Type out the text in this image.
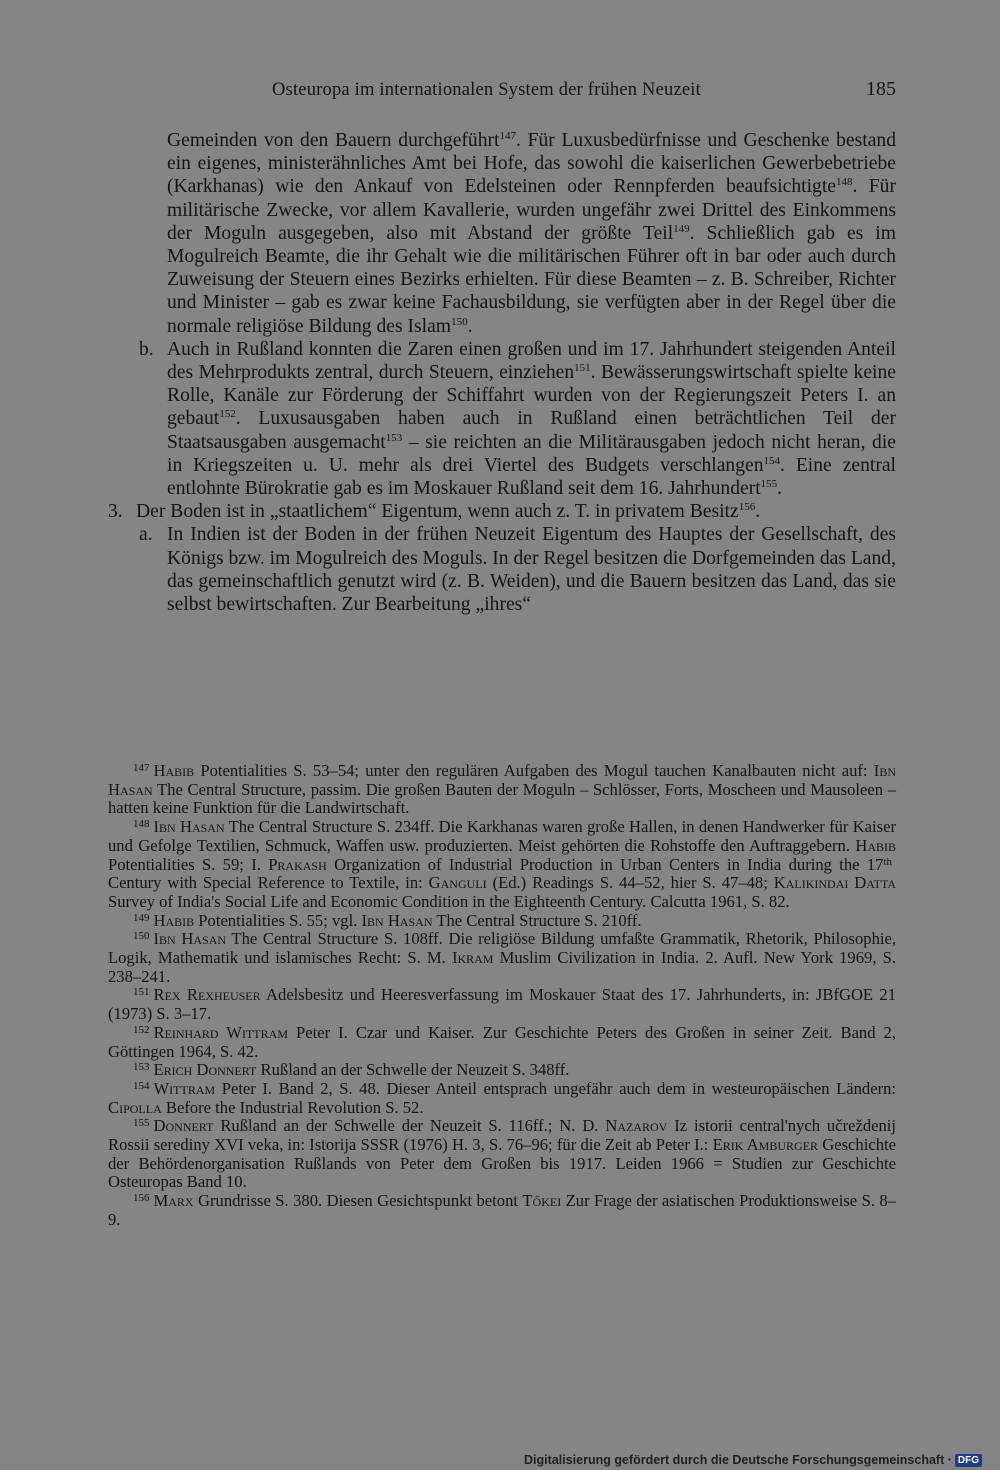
Osteuropa im internationalen System der frühen Neuzeit	185

Gemeinden von den Bauern durchgeführt$^{147}$. Für Luxusbedürfnisse und Geschenke bestand ein eigenes, ministerähnliches Amt bei Hofe, das sowohl die kaiserlichen Gewerbebetriebe (Karkhanas) wie den Ankauf von Edelsteinen oder Rennpferden beaufsichtigte$^{148}$. Für militärische Zwecke, vor allem Kavallerie, wurden ungefähr zwei Drittel des Einkommens der Moguln ausgegeben, also mit Abstand der größte Teil$^{149}$. Schließlich gab es im Mogulreich Beamte, die ihr Gehalt wie die militärischen Führer oft in bar oder auch durch Zuweisung der Steuern eines Bezirks erhielten. Für diese Beamten – z. B. Schreiber, Richter und Minister – gab es zwar keine Fachausbildung, sie verfügten aber in der Regel über die normale religiöse Bildung des Islam$^{150}$.

b. Auch in Rußland konnten die Zaren einen großen und im 17. Jahrhundert steigenden Anteil des Mehrprodukts zentral, durch Steuern, einziehen$^{151}$. Bewässerungswirtschaft spielte keine Rolle, Kanäle zur Förderung der Schiffahrt wurden von der Regierungszeit Peters I. an gebaut$^{152}$. Luxusausgaben haben auch in Rußland einen beträchtlichen Teil der Staatsausgaben ausgemacht$^{153}$ – sie reichten an die Militärausgaben jedoch nicht heran, die in Kriegszeiten u. U. mehr als drei Viertel des Budgets verschlangen$^{154}$. Eine zentral entlohnte Bürokratie gab es im Moskauer Rußland seit dem 16. Jahrhundert$^{155}$.

3. Der Boden ist in „staatlichem“ Eigentum, wenn auch z. T. in privatem Besitz$^{156}$.

a. In Indien ist der Boden in der frühen Neuzeit Eigentum des Hauptes der Gesellschaft, des Königs bzw. im Mogulreich des Moguls. In der Regel besitzen die Dorfgemeinden das Land, das gemeinschaftlich genutzt wird (z. B. Weiden), und die Bauern besitzen das Land, das sie selbst bewirtschaften. Zur Bearbeitung „ihres“

$^{147}$ Habib Potentialities S. 53–54; unter den regulären Aufgaben des Mogul tauchen Kanalbauten nicht auf: Ibn Hasan The Central Structure, passim. Die großen Bauten der Moguln – Schlösser, Forts, Moscheen und Mausoleen – hatten keine Funktion für die Landwirtschaft.

$^{148}$ Ibn Hasan The Central Structure S. 234ff. Die Karkhanas waren große Hallen, in denen Handwerker für Kaiser und Gefolge Textilien, Schmuck, Waffen usw. produzierten. Meist gehörten die Rohstoffe den Auftraggebern. Habib Potentialities S. 59; I. Prakash Organization of Industrial Production in Urban Centers in India during the 17th Century with Special Reference to Textile, in: Ganguli (Ed.) Readings S. 44–52, hier S. 47–48; Kalikindai Datta Survey of India's Social Life and Economic Condition in the Eighteenth Century. Calcutta 1961, S. 82.

$^{149}$ Habib Potentialities S. 55; vgl. Ibn Hasan The Central Structure S. 210ff.

$^{150}$ Ibn Hasan The Central Structure S. 108ff. Die religiöse Bildung umfaßte Grammatik, Rhetorik, Philosophie, Logik, Mathematik und islamisches Recht: S. M. Ikram Muslim Civilization in India. 2. Aufl. New York 1969, S. 238–241.

$^{151}$ Rex Rexheuser Adelsbesitz und Heeresverfassung im Moskauer Staat des 17. Jahrhunderts, in: JBfGOE 21 (1973) S. 3–17.

$^{152}$ Reinhard Wittram Peter I. Czar und Kaiser. Zur Geschichte Peters des Großen in seiner Zeit. Band 2, Göttingen 1964, S. 42.

$^{153}$ Erich Donnert Rußland an der Schwelle der Neuzeit S. 348ff.

$^{154}$ Wittram Peter I. Band 2, S. 48. Dieser Anteil entsprach ungefähr auch dem in westeuropäischen Ländern: Cipolla Before the Industrial Revolution S. 52.

$^{155}$ Donnert Rußland an der Schwelle der Neuzeit S. 116ff.; N. D. Nazarov Iz istorii central'nych učreždenij Rossii serediny XVI veka, in: Istorija SSSR (1976) H. 3, S. 76–96; für die Zeit ab Peter I.: Erik Amburger Geschichte der Behördenorganisation Rußlands von Peter dem Großen bis 1917. Leiden 1966 = Studien zur Geschichte Osteuropas Band 10.

$^{156}$ Marx Grundrisse S. 380. Diesen Gesichtspunkt betont Tőkei Zur Frage der asiatischen Produktionsweise S. 8–9.

Digitalisierung gefördert durch die Deutsche Forschungsgemeinschaft · DFG
